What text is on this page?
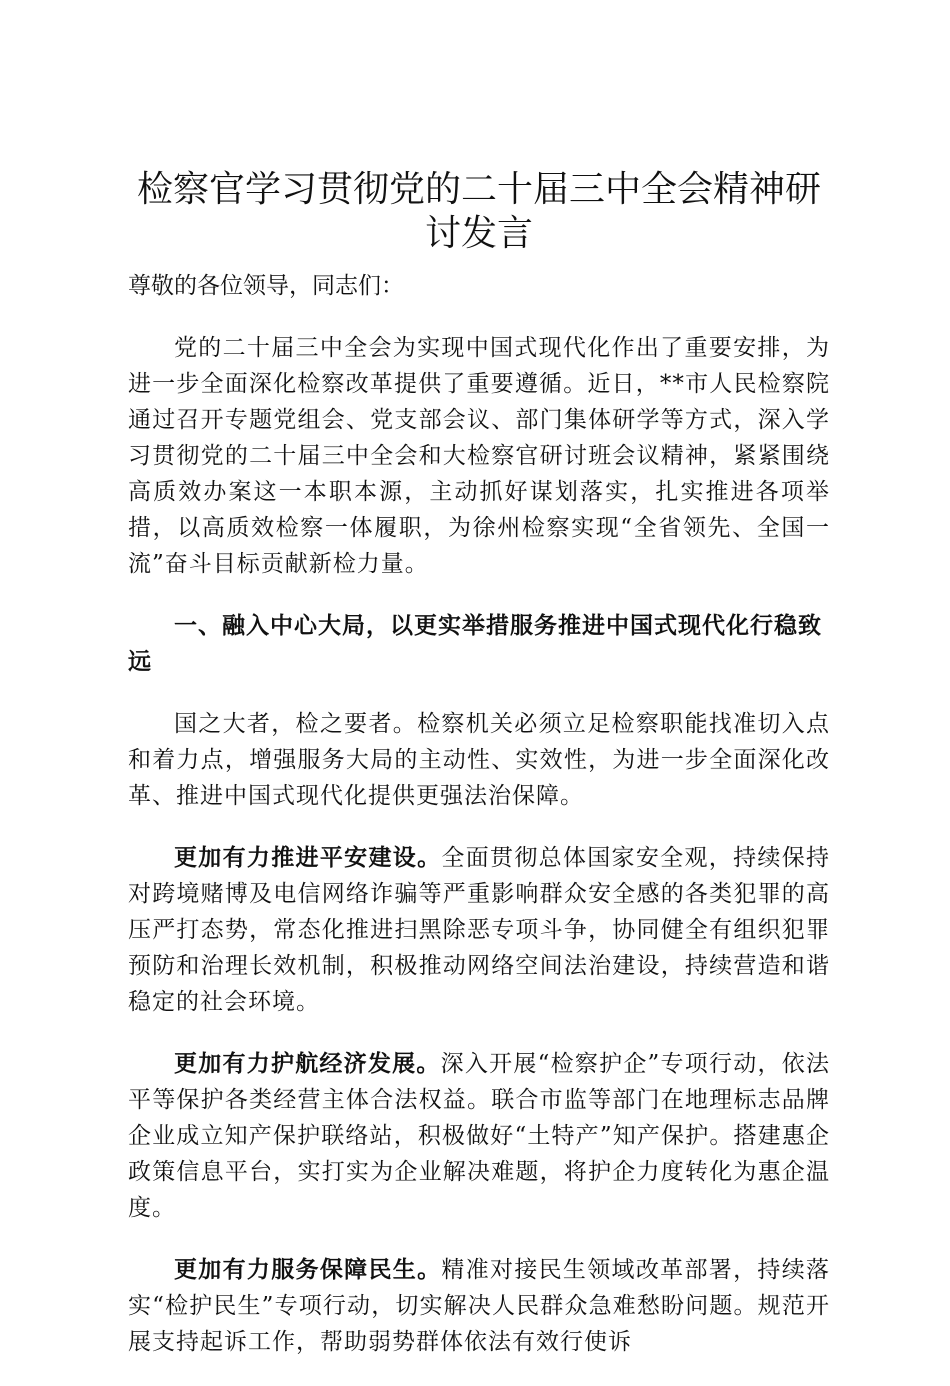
检察官学习贯彻党的二十届三中全会精神研讨发言

尊敬的各位领导，同志们：

党的二十届三中全会为实现中国式现代化作出了重要安排，为进一步全面深化检察改革提供了重要遵循。近日，**市人民检察院通过召开专题党组会、党支部会议、部门集体研学等方式，深入学习贯彻党的二十届三中全会和大检察官研讨班会议精神，紧紧围绕高质效办案这一本职本源，主动抓好谋划落实，扎实推进各项举措，以高质效检察一体履职，为徐州检察实现“全省领先、全国一流”奋斗目标贡献新检力量。

一、融入中心大局，以更实举措服务推进中国式现代化行稳致远

国之大者，检之要者。检察机关必须立足检察职能找准切入点和着力点，增强服务大局的主动性、实效性，为进一步全面深化改革、推进中国式现代化提供更强法治保障。

更加有力推进平安建设。全面贯彻总体国家安全观，持续保持对跨境赌博及电信网络诈骗等严重影响群众安全感的各类犯罪的高压严打态势，常态化推进扫黑除恶专项斗争，协同健全有组织犯罪预防和治理长效机制，积极推动网络空间法治建设，持续营造和谐稳定的社会环境。

更加有力护航经济发展。深入开展“检察护企”专项行动，依法平等保护各类经营主体合法权益。联合市监等部门在地理标志品牌企业成立知产保护联络站，积极做好“土特产”知产保护。搭建惠企政策信息平台，实打实为企业解决难题，将护企力度转化为惠企温度。

更加有力服务保障民生。精准对接民生领域改革部署，持续落实“检护民生”专项行动，切实解决人民群众急难愁盼问题。规范开展支持起诉工作，帮助弱势群体依法有效行使诉
